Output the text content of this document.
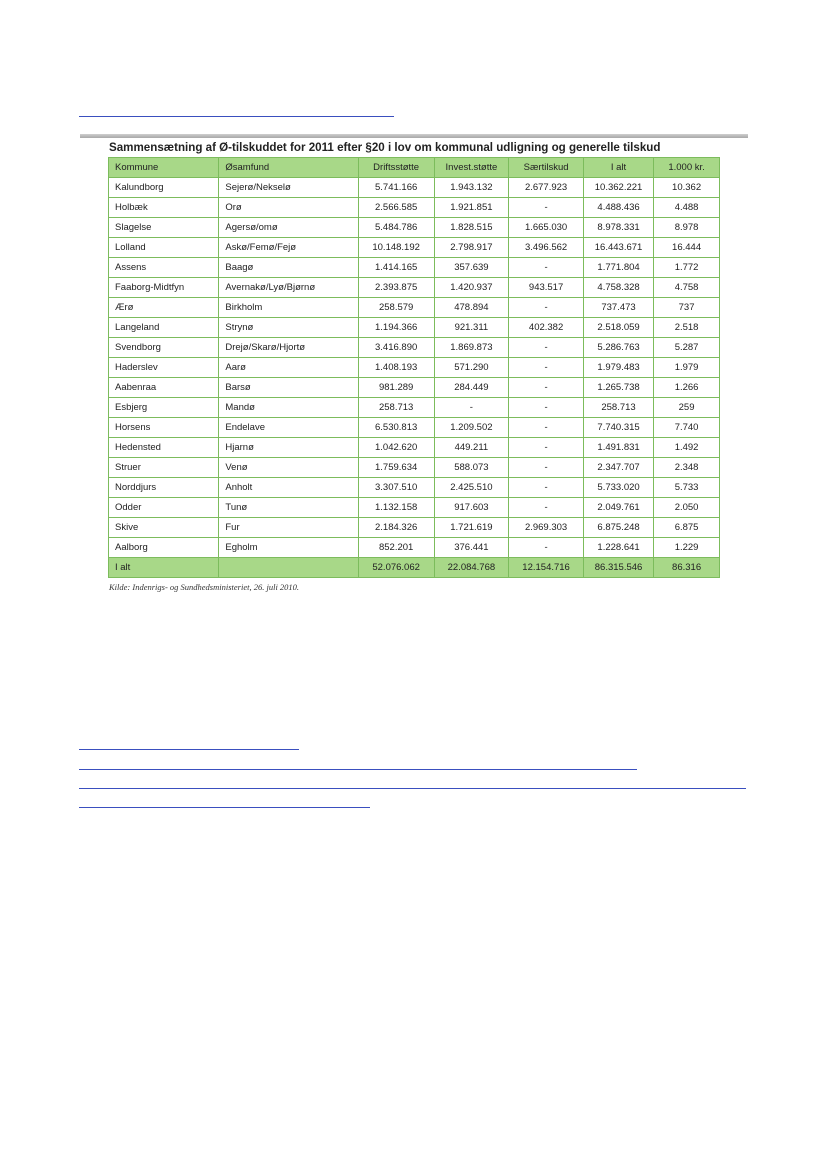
Sammensætning af Ø-tilskuddet for 2011 efter §20 i lov om kommunal udligning og generelle tilskud
Kommune	Øsamfund	Driftsstøtte	Invest.støtte	Særtilskud	I alt	1.000 kr.
Kalundborg	Sejerø/Nekselø	5.741.166	1.943.132	2.677.923	10.362.221	10.362
Holbæk	Orø	2.566.585	1.921.851	-	4.488.436	4.488
Slagelse	Agersø/omø	5.484.786	1.828.515	1.665.030	8.978.331	8.978
Lolland	Askø/Femø/Fejø	10.148.192	2.798.917	3.496.562	16.443.671	16.444
Assens	Baagø	1.414.165	357.639	-	1.771.804	1.772
Faaborg-Midtfyn	Avernakø/Lyø/Bjørnø	2.393.875	1.420.937	943.517	4.758.328	4.758
Ærø	Birkholm	258.579	478.894	-	737.473	737
Langeland	Strynø	1.194.366	921.311	402.382	2.518.059	2.518
Svendborg	Drejø/Skarø/Hjortø	3.416.890	1.869.873	-	5.286.763	5.287
Haderslev	Aarø	1.408.193	571.290	-	1.979.483	1.979
Aabenraa	Barsø	981.289	284.449	-	1.265.738	1.266
Esbjerg	Mandø	258.713	-	-	258.713	259
Horsens	Endelave	6.530.813	1.209.502	-	7.740.315	7.740
Hedensted	Hjarnø	1.042.620	449.211	-	1.491.831	1.492
Struer	Venø	1.759.634	588.073	-	2.347.707	2.348
Norddjurs	Anholt	3.307.510	2.425.510	-	5.733.020	5.733
Odder	Tunø	1.132.158	917.603	-	2.049.761	2.050
Skive	Fur	2.184.326	1.721.619	2.969.303	6.875.248	6.875
Aalborg	Egholm	852.201	376.441	-	1.228.641	1.229
I alt		52.076.062	22.084.768	12.154.716	86.315.546	86.316
Kilde: Indenrigs- og Sundhedsministeriet, 26. juli 2010.
